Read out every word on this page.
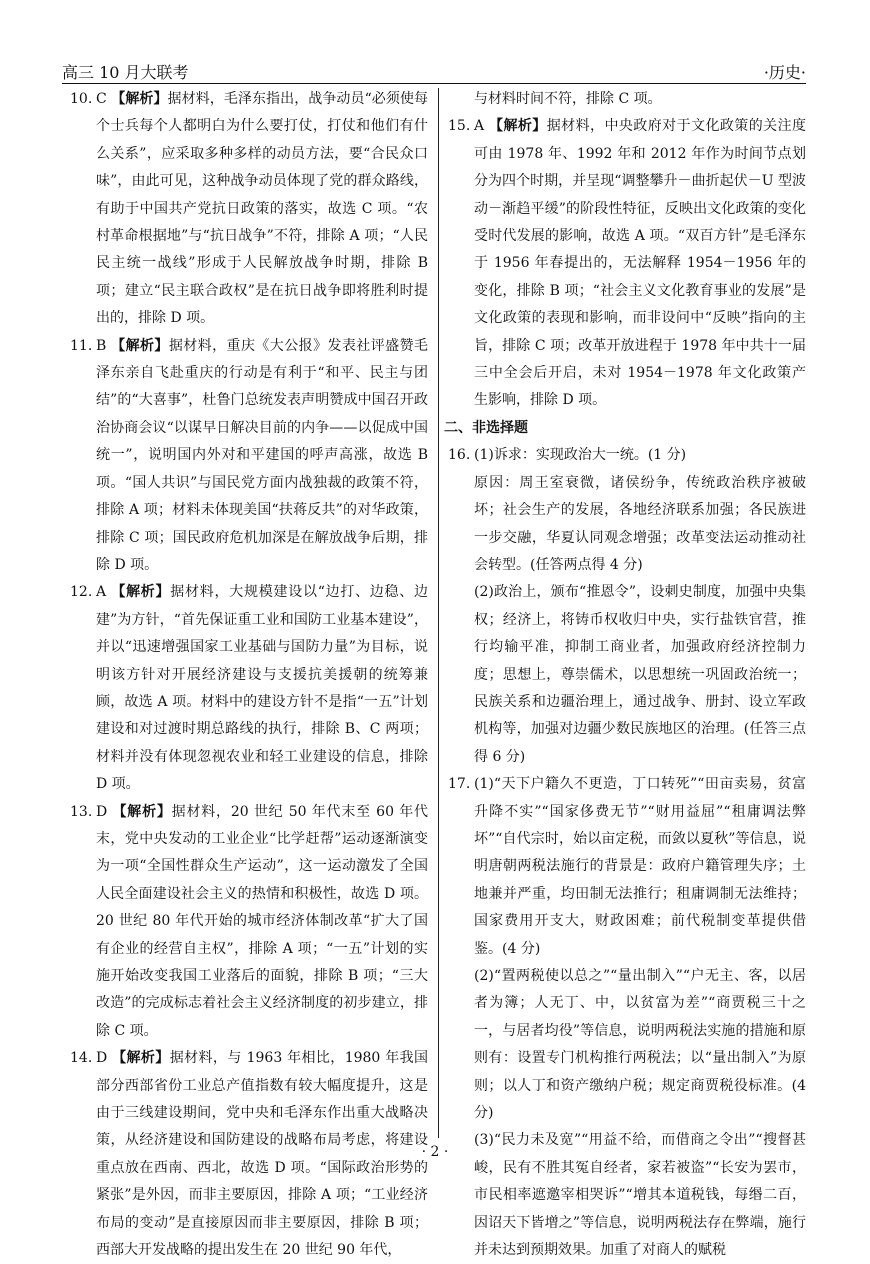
高三 10 月大联考	·历史·
10. C 【解析】据材料，毛泽东指出，战争动员“必须使每个士兵每个人都明白为什么要打仗，打仗和他们有什么关系”，应采取多种多样的动员方法，要“合民众口味”，由此可见，这种战争动员体现了党的群众路线，有助于中国共产党抗日政策的落实，故选 C 项。“农村革命根据地”与“抗日战争”不符，排除 A 项；“人民民主统一战线”形成于人民解放战争时期，排除 B 项；建立“民主联合政权”是在抗日战争即将胜利时提出的，排除 D 项。

11. B 【解析】据材料，重庆《大公报》发表社评盛赞毛泽东亲自飞赴重庆的行动是有利于“和平、民主与团结”的“大喜事”，杜鲁门总统发表声明赞成中国召开政治协商会议“以谋早日解决目前的内争——以促成中国统一”，说明国内外对和平建国的呼声高涨，故选 B 项。“国人共识”与国民党方面内战独裁的政策不符，排除 A 项；材料未体现美国“扶蒋反共”的对华政策，排除 C 项；国民政府危机加深是在解放战争后期，排除 D 项。

12. A 【解析】据材料，大规模建设以“边打、边稳、边建”为方针，“首先保证重工业和国防工业基本建设”，并以“迅速增强国家工业基础与国防力量”为目标，说明该方针对开展经济建设与支援抗美援朝的统筹兼顾，故选 A 项。材料中的建设方针不是指“一五”计划建设和对过渡时期总路线的执行，排除 B、C 两项；材料并没有体现忽视农业和轻工业建设的信息，排除 D 项。

13. D 【解析】据材料，20 世纪 50 年代末至 60 年代末，党中央发动的工业企业“比学赶帮”运动逐渐演变为一项“全国性群众生产运动”，这一运动激发了全国人民全面建设社会主义的热情和积极性，故选 D 项。20 世纪 80 年代开始的城市经济体制改革“扩大了国有企业的经营自主权”，排除 A 项；“一五”计划的实施开始改变我国工业落后的面貌，排除 B 项；“三大改造”的完成标志着社会主义经济制度的初步建立，排除 C 项。

14. D 【解析】据材料，与 1963 年相比，1980 年我国部分西部省份工业总产值指数有较大幅度提升，这是由于三线建设期间，党中央和毛泽东作出重大战略决策，从经济建设和国防建设的战略布局考虑，将建设重点放在西南、西北，故选 D 项。“国际政治形势的紧张”是外因，而非主要原因，排除 A 项；“工业经济布局的变动”是直接原因而非主要原因，排除 B 项；西部大开发战略的提出发生在 20 世纪 90 年代，

与材料时间不符，排除 C 项。

15. A 【解析】据材料，中央政府对于文化政策的关注度可由 1978 年、1992 年和 2012 年作为时间节点划分为四个时期，并呈现“调整攀升－曲折起伏－U 型波动－渐趋平缓”的阶段性特征，反映出文化政策的变化受时代发展的影响，故选 A 项。“双百方针”是毛泽东于 1956 年春提出的，无法解释 1954－1956 年的变化，排除 B 项；“社会主义文化教育事业的发展”是文化政策的表现和影响，而非设问中“反映”指向的主旨，排除 C 项；改革开放进程于 1978 年中共十一届三中全会后开启，未对 1954－1978 年文化政策产生影响，排除 D 项。

二、非选择题

16. (1)诉求：实现政治大一统。(1 分)

原因：周王室衰微，诸侯纷争，传统政治秩序被破坏；社会生产的发展，各地经济联系加强；各民族进一步交融，华夏认同观念增强；改革变法运动推动社会转型。(任答两点得 4 分)

(2)政治上，颁布“推恩令”，设刺史制度，加强中央集权；经济上，将铸币权收归中央，实行盐铁官营，推行均输平准，抑制工商业者，加强政府经济控制力度；思想上，尊崇儒术，以思想统一巩固政治统一；民族关系和边疆治理上，通过战争、册封、设立军政机构等，加强对边疆少数民族地区的治理。(任答三点得 6 分)

17. (1)“天下户籍久不更造，丁口转死”“田亩卖易，贫富升降不实”“国家侈费无节”“财用益屈”“租庸调法弊坏”“自代宗时，始以亩定税，而敛以夏秋”等信息，说明唐朝两税法施行的背景是：政府户籍管理失序；土地兼并严重，均田制无法推行；租庸调制无法维持；国家费用开支大，财政困难；前代税制变革提供借鉴。(4 分)

(2)“置两税使以总之”“量出制入”“户无主、客，以居者为簿；人无丁、中，以贫富为差”“商贾税三十之一，与居者均役”等信息，说明两税法实施的措施和原则有：设置专门机构推行两税法；以“量出制入”为原则；以人丁和资产缴纳户税；规定商贾税役标准。(4 分)

(3)“民力未及宽”“用益不给，而借商之令出”“搜督甚峻，民有不胜其冤自经者，家若被盗”“长安为罢市，市民相率遮邀宰相哭诉”“增其本道税钱，每缗二百，因诏天下皆增之”等信息，说明两税法存在弊端，施行并未达到预期效果。加重了对商人的赋税

· 2 ·
